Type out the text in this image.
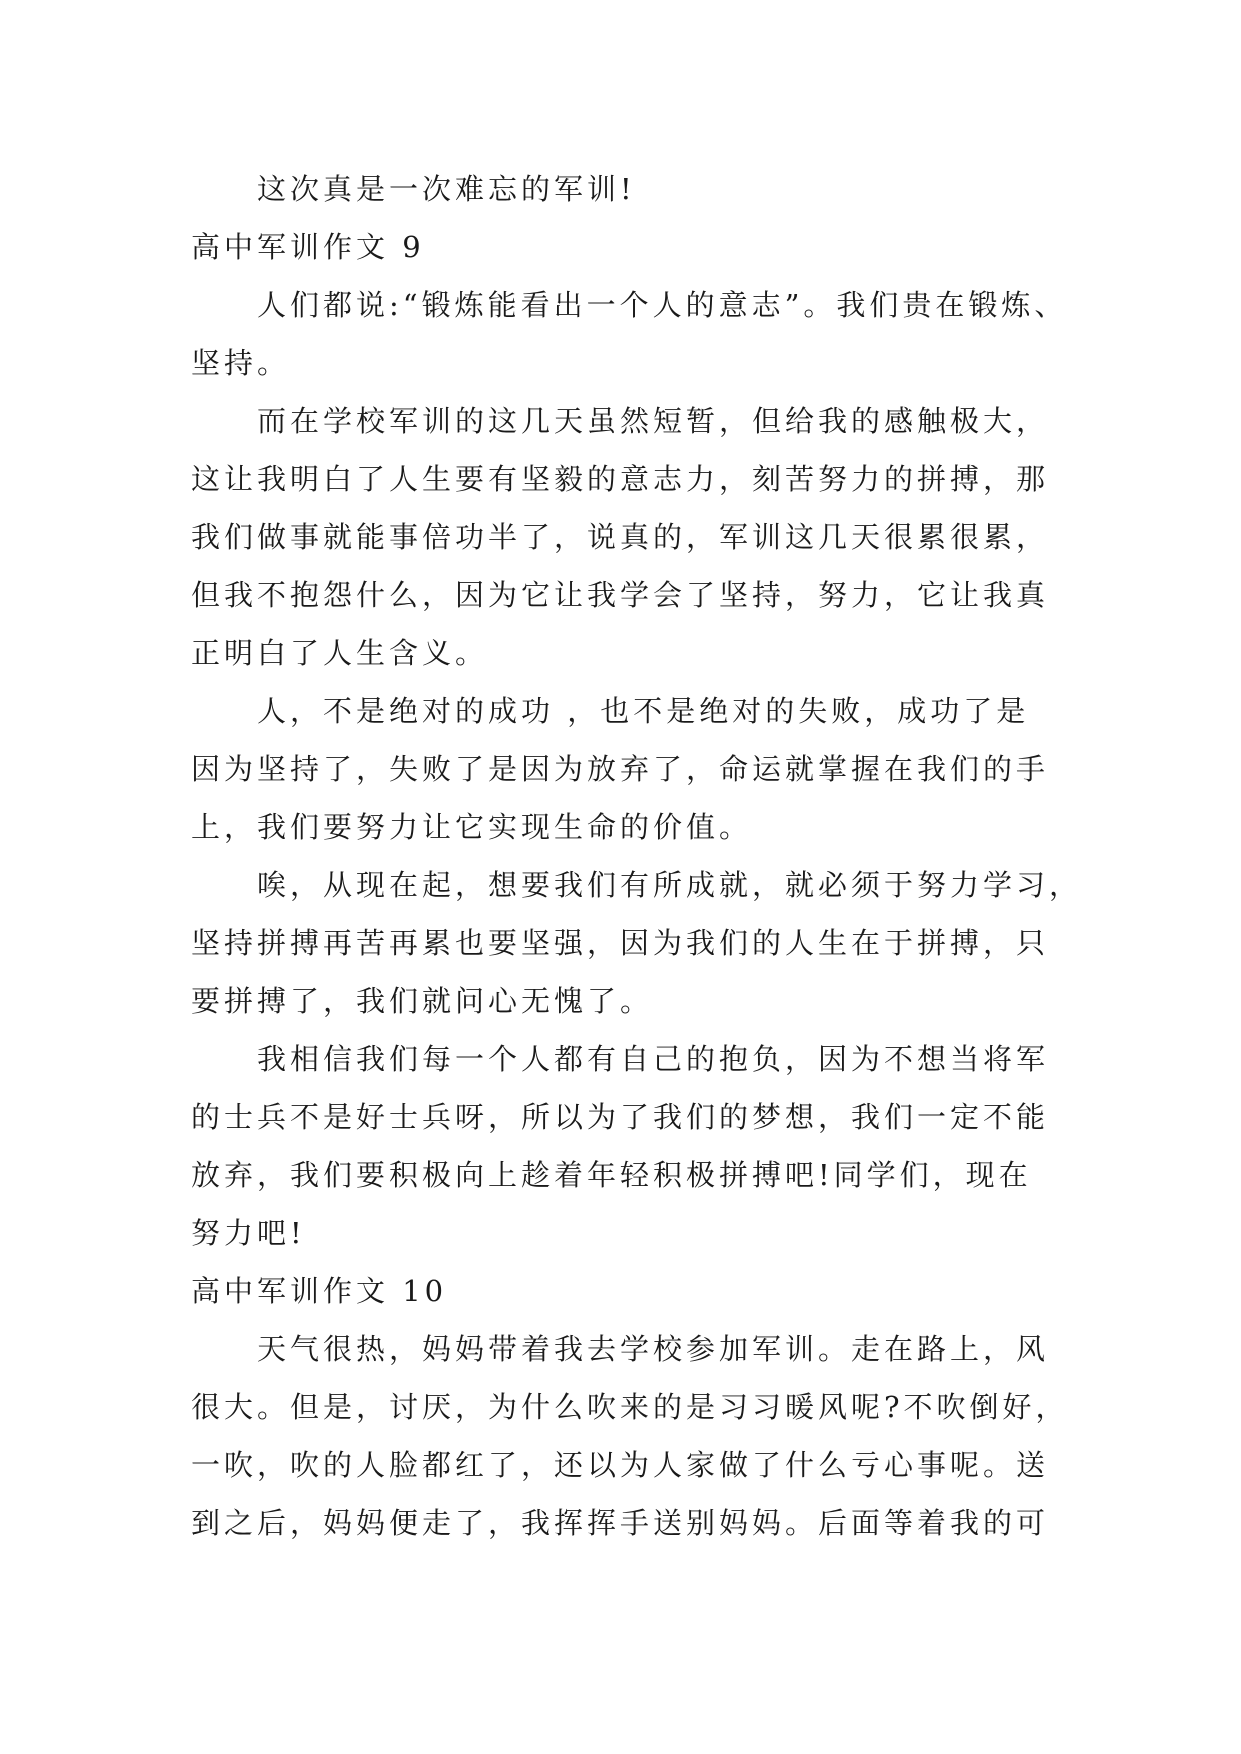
这次真是一次难忘的军训!
高中军训作文 9
人们都说:“锻炼能看出一个人的意志”。我们贵在锻炼、
坚持。
而在学校军训的这几天虽然短暂，但给我的感触极大，
这让我明白了人生要有坚毅的意志力，刻苦努力的拼搏，那
我们做事就能事倍功半了，说真的，军训这几天很累很累，
但我不抱怨什么，因为它让我学会了坚持，努力，它让我真
正明白了人生含义。
人，不是绝对的成功 ，也不是绝对的失败，成功了是
因为坚持了，失败了是因为放弃了，命运就掌握在我们的手
上，我们要努力让它实现生命的价值。
唉，从现在起，想要我们有所成就，就必须于努力学习，
坚持拼搏再苦再累也要坚强，因为我们的人生在于拼搏，只
要拼搏了，我们就问心无愧了。
我相信我们每一个人都有自己的抱负，因为不想当将军
的士兵不是好士兵呀，所以为了我们的梦想，我们一定不能
放弃，我们要积极向上趁着年轻积极拼搏吧!同学们，现在
努力吧!
高中军训作文 10
天气很热，妈妈带着我去学校参加军训。走在路上，风
很大。但是，讨厌，为什么吹来的是习习暖风呢?不吹倒好，
一吹，吹的人脸都红了，还以为人家做了什么亏心事呢。送
到之后，妈妈便走了，我挥挥手送别妈妈。后面等着我的可
